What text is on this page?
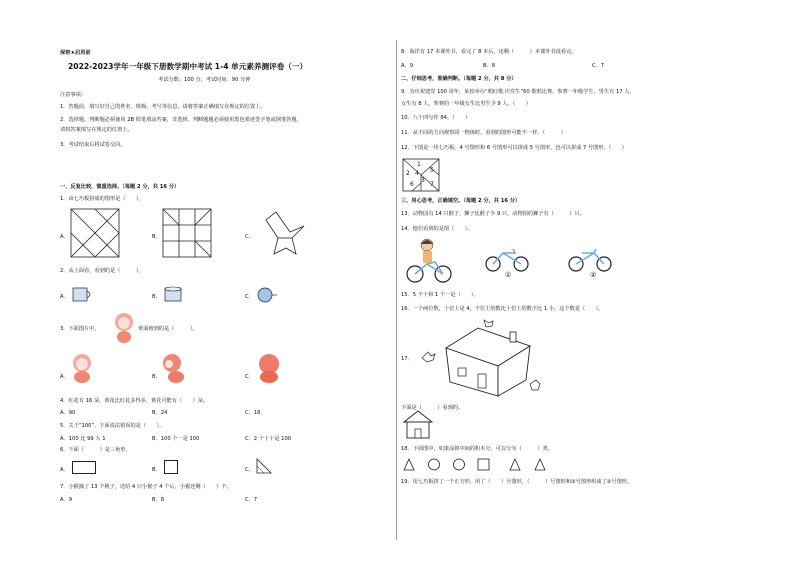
保密★启用前
2022-2023学年一年级下册数学期中考试 1-4 单元素养测评卷（一）
考试分数：100 分；考试时间：90 分钟
注意事项：
1．答题前，填写好自己的姓名、班级、考号等信息，请将答案正确填写在规定的位置上。
2．选择题、判断题必须使用 2B 铅笔填涂答案，非选择、判断题题必须使用黑色墨迹签字笔或钢笔答题，
请将答案填写在规定的位置上。
3．考试结束后将试卷交回。
一、反复比较，慎重选择。（每题 2 分，共 16 分）
1．由七巧板拼成的图形是（　　）。
A．	B．	C．
2．从上面看，看到的是（　　　）。
A．	B．	C．
3．下面图片中，	黄面画到的是（　　　）。
A．	B．	C．
4．红花有 16 朵，黄花比红花多得多，黄花可能有（　　）朵。
A．90	B．24	C．18
5．关于“100”，下面说法错误的是（　　）。
A．100 比 99 大 1	B．100 个一是 100	C．2 个十十是 100
6．下面（　　　）是三角形。
A．	B．	C．
7．小猴摘了 13 个桃子，送给 4 只小猴子 4 个后，小猴还剩（　　）个。
A．9	B．8	C．7
8．海洋有 17 本课外书，看完了 8 本后，还剩（　　　）本课外书没看完。
A．9	B．8	C．7
二、仔细思考，准确判断。（每题 2 分，共 8 分）
9．为庆祝建党 100 周年，某校举办“唱红歌·庆党生”60 歌唱比赛，参赛一年级学生，男生有 17 人，
女生有 8 人，参赛的一年级女生比男生少 9 人。（　　）
10．八十四写作 84。（　　）
11．从不同的方向观察同一物体时，看到的图形可能不一样。（　　　）
12．下图是一块七巧板，4 号图形和 6 号图形可以拼成 5 号图形，也可以拼成 7 号图形。（　　）
1
2
3
4 5
6	7
三、用心思考，正确填空。（每题 2 分，共 16 分）
13．动物园有 14 只猴子，狮子比猴子少 9 只，动物园的狮子有（　　　）只。
14．他们看到的是图（　　）。
①	②
15．5 个十和 1 个一是（　　）。
16．一个两位数，十位上是 4，个位上的数比十位上的数字比 1 小，这个数是（　　）。
17．
下面是（　　　）看到的。
18．下面图中，如果涂掉中间的积木分，可以分为（　　　）类。
19．用七巧板拼了一个正方形，用了（　　）号图形，（　　　）号图形和③号图形组成了②号图形。
